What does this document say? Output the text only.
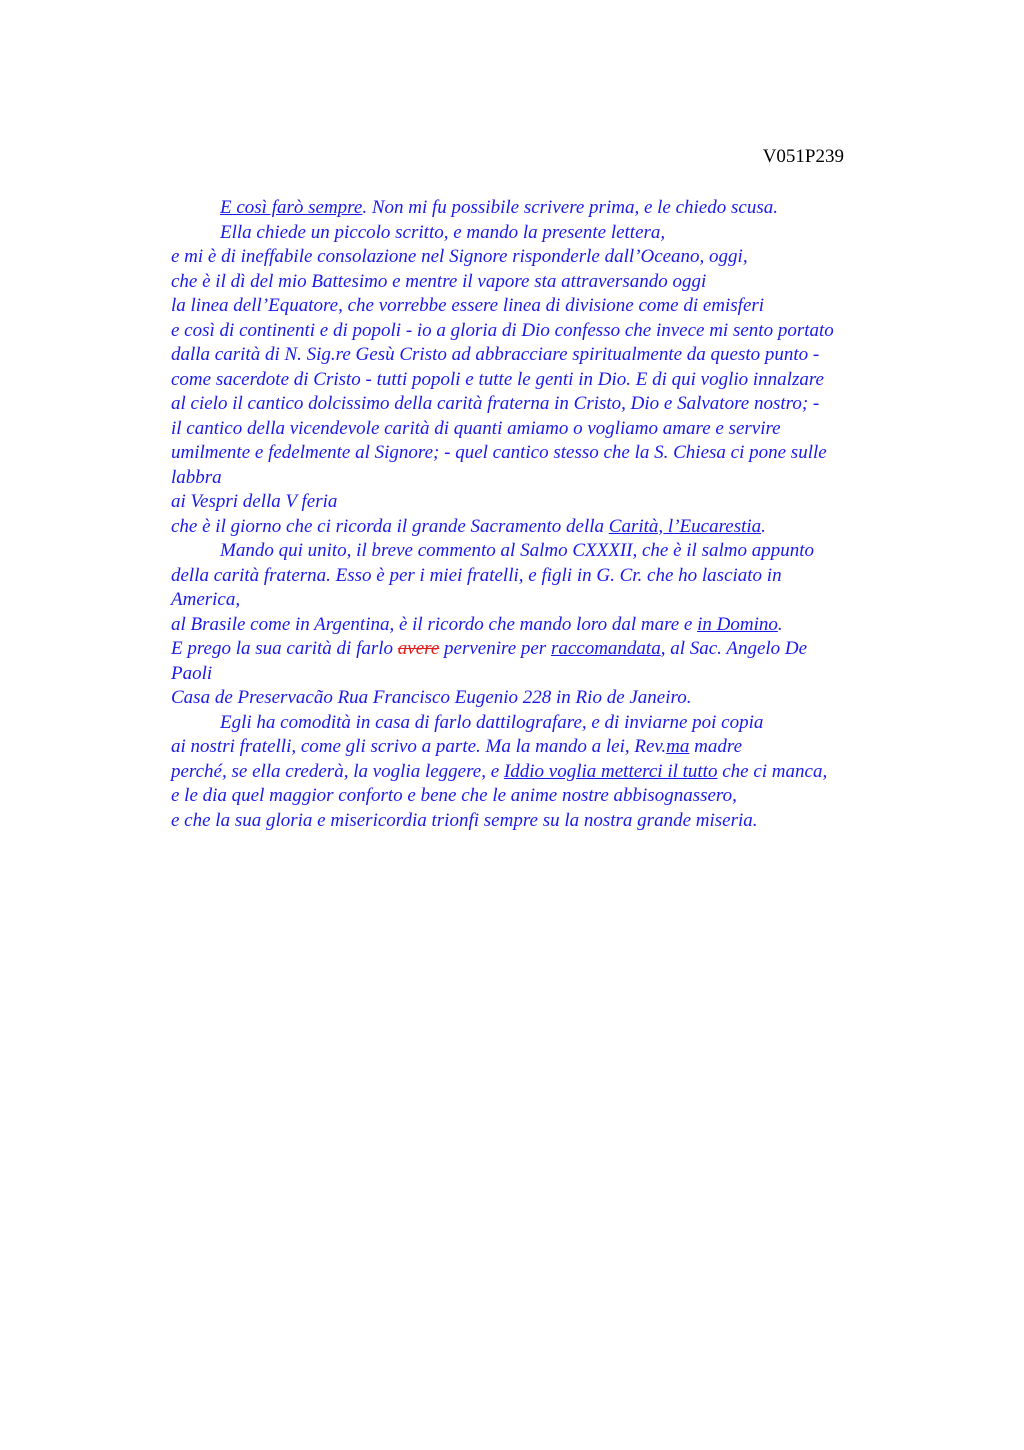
V051P239
E così farò sempre. Non mi fu possibile scrivere prima, e le chiedo scusa.
Ella chiede un piccolo scritto, e mando la presente lettera,
e mi è di ineffabile consolazione nel Signore risponderle dall’Oceano, oggi,
che è il dì del mio Battesimo e mentre il vapore sta attraversando oggi
la linea dell’Equatore, che vorrebbe essere linea di divisione come di emisferi
e così di continenti e di popoli - io a gloria di Dio confesso che invece mi sento portato
dalla carità di N. Sig.re Gesù Cristo ad abbracciare spiritualmente da questo punto -
come sacerdote di Cristo - tutti popoli e tutte le genti in Dio. E di qui voglio innalzare
al cielo il cantico dolcissimo della carità fraterna in Cristo, Dio e Salvatore nostro; -
il cantico della vicendevole carità di quanti amiamo o vogliamo amare e servire
umilmente e fedelmente al Signore; - quel cantico stesso che la S. Chiesa ci pone sulle
labbra
ai Vespri della V feria
che è il giorno che ci ricorda il grande Sacramento della Carità, l’Eucarestia.
Mando qui unito, il breve commento al Salmo CXXXII, che è il salmo appunto
della carità fraterna. Esso è per i miei fratelli, e figli in G. Cr. che ho lasciato in
America,
al Brasile come in Argentina, è il ricordo che mando loro dal mare e in Domino.
E prego la sua carità di farlo avere pervenire per raccomandata, al Sac. Angelo De
Paoli
Casa de Preservacão Rua Francisco Eugenio 228 in Rio de Janeiro.
Egli ha comodità in casa di farlo dattilografare, e di inviarne poi copia
ai nostri fratelli, come gli scrivo a parte. Ma la mando a lei, Rev.ma madre
perché, se ella crederà, la voglia leggere, e Iddio voglia metterci il tutto che ci manca,
e le dia quel maggior conforto e bene che le anime nostre abbisognassero,
e che la sua gloria e misericordia trionfi sempre su la nostra grande miseria.
